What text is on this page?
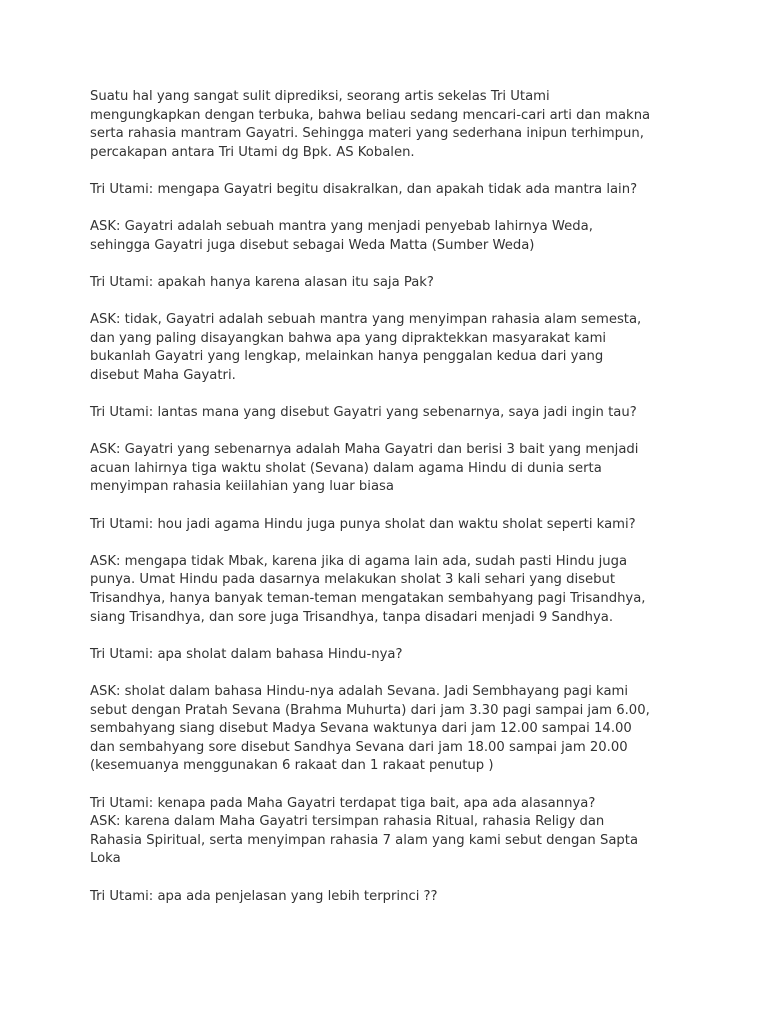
Suatu hal yang sangat sulit diprediksi, seorang artis sekelas Tri Utami
mengungkapkan dengan terbuka, bahwa beliau sedang mencari-cari arti dan makna
serta rahasia mantram Gayatri. Sehingga materi yang sederhana inipun terhimpun,
percakapan antara Tri Utami dg Bpk. AS Kobalen.

Tri Utami: mengapa Gayatri begitu disakralkan, dan apakah tidak ada mantra lain?

ASK: Gayatri adalah sebuah mantra yang menjadi penyebab lahirnya Weda,
sehingga Gayatri juga disebut sebagai Weda Matta (Sumber Weda)

Tri Utami: apakah hanya karena alasan itu saja Pak?

ASK: tidak, Gayatri adalah sebuah mantra yang menyimpan rahasia alam semesta,
dan yang paling disayangkan bahwa apa yang dipraktekkan masyarakat kami
bukanlah Gayatri yang lengkap, melainkan hanya penggalan kedua dari yang
disebut Maha Gayatri.

Tri Utami: lantas mana yang disebut Gayatri yang sebenarnya, saya jadi ingin tau?

ASK: Gayatri yang sebenarnya adalah Maha Gayatri dan berisi 3 bait yang menjadi
acuan lahirnya tiga waktu sholat (Sevana) dalam agama Hindu di dunia serta
menyimpan rahasia keiilahian yang luar biasa

Tri Utami: hou jadi agama Hindu juga punya sholat dan waktu sholat seperti kami?

ASK: mengapa tidak Mbak, karena jika di agama lain ada, sudah pasti Hindu juga
punya. Umat Hindu pada dasarnya melakukan sholat 3 kali sehari yang disebut
Trisandhya, hanya banyak teman-teman mengatakan sembahyang pagi Trisandhya,
siang Trisandhya, dan sore juga Trisandhya, tanpa disadari menjadi 9 Sandhya.

Tri Utami: apa sholat dalam bahasa Hindu-nya?

ASK: sholat dalam bahasa Hindu-nya adalah Sevana. Jadi Sembhayang pagi kami
sebut dengan Pratah Sevana (Brahma Muhurta) dari jam 3.30 pagi sampai jam 6.00,
sembahyang siang disebut Madya Sevana waktunya dari jam 12.00 sampai 14.00
dan sembahyang sore disebut Sandhya Sevana dari jam 18.00 sampai jam 20.00
(kesemuanya menggunakan 6 rakaat dan 1 rakaat penutup )

Tri Utami: kenapa pada Maha Gayatri terdapat tiga bait, apa ada alasannya?

ASK: karena dalam Maha Gayatri tersimpan rahasia Ritual, rahasia Religy dan
Rahasia Spiritual, serta menyimpan rahasia 7 alam yang kami sebut dengan Sapta
Loka

Tri Utami: apa ada penjelasan yang lebih terprinci ??
